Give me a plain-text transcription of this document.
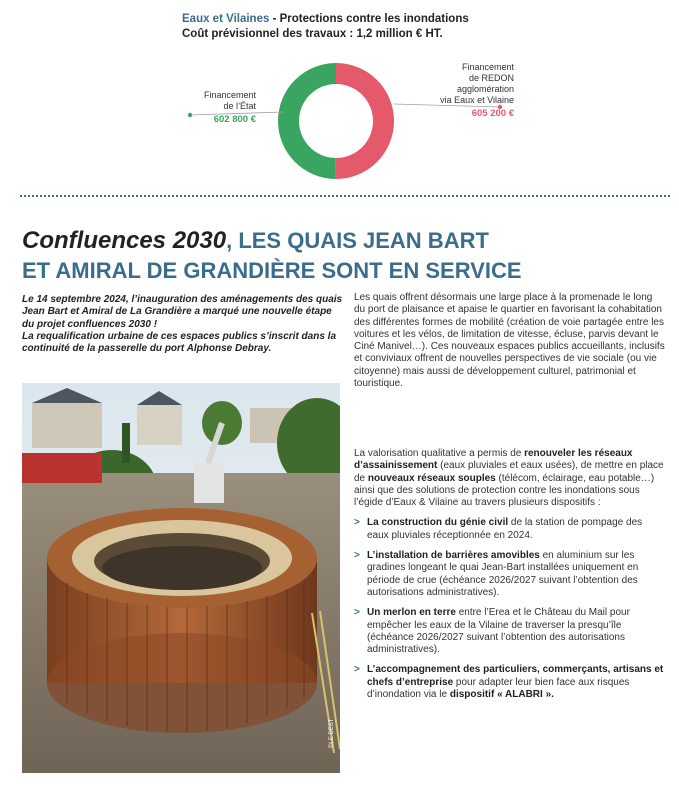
Eaux et Vilaines - Protections contre les inondations
Coût prévisionnel des travaux : 1,2 million € HT.
Financement
de l’État
602 800 €
Financement
de REDON
agglomération
via Eaux et Vilaine
605 200 €
Confluences 2030, LES QUAIS JEAN BART
ET AMIRAL DE GRANDIÈRE SONT EN SERVICE
Le 14 septembre 2024, l’inauguration des aménagements des quais Jean Bart et Amiral de La Grandière a marqué une nouvelle étape du projet confluences 2030 !
La requalification urbaine de ces espaces publics s’inscrit dans la continuité de la passerelle du port Alphonse Debray.
©LE DEST
Les quais offrent désormais une large place à la promenade le long du port de plaisance et apaise le quartier en favorisant la cohabitation des différentes formes de mobilité (création de voie partagée entre les voitures et les vélos, de limitation de vitesse, écluse, parvis devant le Ciné Manivel…). Ces nouveaux espaces publics accueillants, inclusifs et conviviaux offrent de nouvelles perspectives de vie sociale (ou vie citoyenne) mais aussi de développement culturel, patrimonial et touristique.
La valorisation qualitative a permis de renouveler les réseaux d’assainissement (eaux pluviales et eaux usées), de mettre en place de nouveaux réseaux souples (télécom, éclairage, eau potable…) ainsi que des solutions de protection contre les inondations sous l’égide d’Eaux & Vilaine au travers plusieurs dispositifs :
> La construction du génie civil de la station de pompage des eaux pluviales réceptionnée en 2024.
> L’installation de barrières amovibles en aluminium sur les gradines longeant le quai Jean-Bart installées uniquement en période de crue (échéance 2026/2027 suivant l’obtention des autorisations administratives).
> Un merlon en terre entre l’Erea et le Château du Mail pour empêcher les eaux de la Vilaine de traverser la presqu’île (échéance 2026/2027 suivant l’obtention des autorisations administratives).
> L’accompagnement des particuliers, commerçants, artisans et chefs d’entreprise pour adapter leur bien face aux risques d’inondation via le dispositif « ALABRI ».
